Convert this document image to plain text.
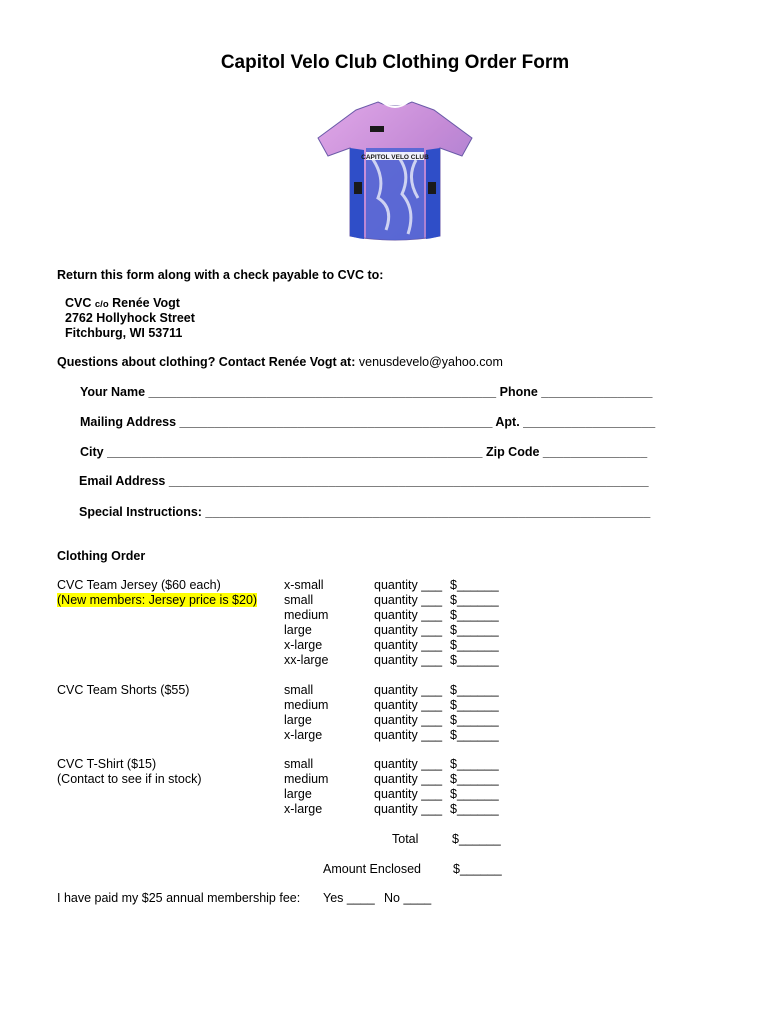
Capitol Velo Club Clothing Order Form
CAPITOL VELO CLUB
Return this form along with a check payable to CVC to:
CVC c/o Renée Vogt
2762 Hollyhock Street
Fitchburg, WI 53711
Questions about clothing? Contact Renée Vogt at: venusdevelo@yahoo.com
Your Name __________________________________________________ Phone ________________
Mailing Address _____________________________________________ Apt. ___________________
City ______________________________________________________ Zip Code _______________
Email Address _____________________________________________________________________
Special Instructions: ________________________________________________________________
Clothing Order
CVC Team Jersey ($60 each)
(New members: Jersey price is $20)
x-small	quantity ___ $______
small	quantity ___ $______
medium	quantity ___ $______
large	quantity ___ $______
x-large	quantity ___ $______
xx-large	quantity ___ $______
CVC Team Shorts ($55)	small	quantity ___ $______
medium	quantity ___ $______
large	quantity ___ $______
x-large	quantity ___ $______
CVC T-Shirt ($15)
(Contact to see if in stock)
small	quantity ___ $______
medium	quantity ___ $______
large	quantity ___ $______
x-large	quantity ___ $______
Total	$______
Amount Enclosed	$______
I have paid my $25 annual membership fee: Yes ____ No ____
